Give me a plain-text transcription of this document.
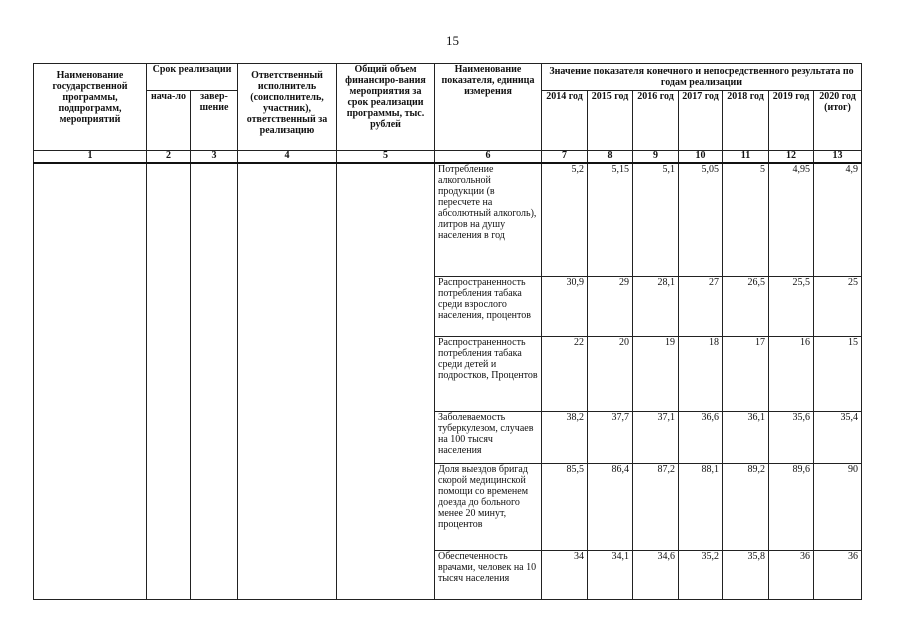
15
Наименование государственной программы, подпрограмм, мероприятий	Срок реализации		Ответственный исполнитель (соисполнитель, участник), ответственный за реализацию	Общий объем финансиро-вания мероприятия за срок реализации программы, тыс. рублей	Наименование показателя, единица измерения	Значение показателя конечного и непосредственного результата по годам реализации						
	нача-ло	завер-шение				2014 год	2015 год	2016 год	2017 год	2018 год	2019 год	2020 год (итог)
1	2	3	4	5	6	7	8	9	10	11	12	13
					Потребление алкогольной продукции (в пересчете на абсолютный алкоголь), литров на душу населения в год	5,2	5,15	5,1	5,05	5	4,95	4,9
					Распространенность потребления табака среди взрослого населения, процентов	30,9	29	28,1	27	26,5	25,5	25
					Распространенность потребления табака среди детей и подростков, Процентов	22	20	19	18	17	16	15
					Заболеваемость туберкулезом, случаев на 100 тысяч населения	38,2	37,7	37,1	36,6	36,1	35,6	35,4
					Доля выездов бригад скорой медицинской помощи со временем доезда до больного менее 20 минут, процентов	85,5	86,4	87,2	88,1	89,2	89,6	90
					Обеспеченность врачами, человек на 10 тысяч населения	34	34,1	34,6	35,2	35,8	36	36
